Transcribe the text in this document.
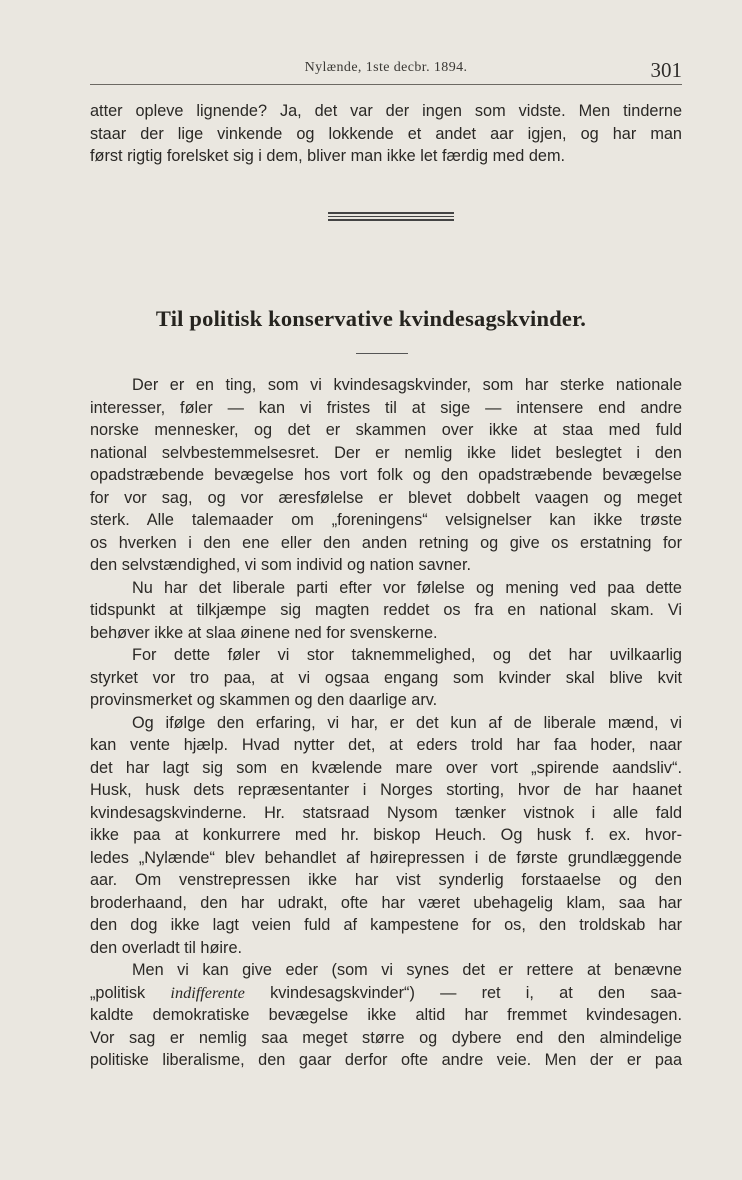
Nylænde, 1ste decbr. 1894.	301
atter opleve lignende? Ja, det var der ingen som vidste. Men tinderne
staar der lige vinkende og lokkende et andet aar igjen, og har man
først rigtig forelsket sig i dem, bliver man ikke let færdig med dem.
Til politisk konservative kvindesagskvinder.
Der er en ting, som vi kvindesagskvinder, som har sterke nationale
interesser, føler — kan vi fristes til at sige — intensere end andre
norske mennesker, og det er skammen over ikke at staa med fuld
national selvbestemmelsesret. Der er nemlig ikke lidet beslegtet i den
opadstræbende bevægelse hos vort folk og den opadstræbende bevægelse
for vor sag, og vor æresfølelse er blevet dobbelt vaagen og meget
sterk. Alle talemaader om „foreningens“ velsignelser kan ikke trøste
os hverken i den ene eller den anden retning og give os erstatning for
den selvstændighed, vi som individ og nation savner.
Nu har det liberale parti efter vor følelse og mening ved paa dette
tidspunkt at tilkjæmpe sig magten reddet os fra en national skam. Vi
behøver ikke at slaa øinene ned for svenskerne.
For dette føler vi stor taknemmelighed, og det har uvilkaarlig
styrket vor tro paa, at vi ogsaa engang som kvinder skal blive kvit
provinsmerket og skammen og den daarlige arv.
Og ifølge den erfaring, vi har, er det kun af de liberale mænd, vi
kan vente hjælp. Hvad nytter det, at eders trold har faa hoder, naar
det har lagt sig som en kvælende mare over vort „spirende aandsliv“.
Husk, husk dets repræsentanter i Norges storting, hvor de har haanet
kvindesagskvinderne. Hr. statsraad Nysom tænker vistnok i alle fald
ikke paa at konkurrere med hr. biskop Heuch. Og husk f. ex. hvor-
ledes „Nylænde“ blev behandlet af høirepressen i de første grundlæggende
aar. Om venstrepressen ikke har vist synderlig forstaaelse og den
broderhaand, den har udrakt, ofte har været ubehagelig klam, saa har
den dog ikke lagt veien fuld af kampestene for os, den troldskab har
den overladt til høire.
Men vi kan give eder (som vi synes det er rettere at benævne
„politisk indifferente kvindesagskvinder“) — ret i, at den saa-
kaldte demokratiske bevægelse ikke altid har fremmet kvindesagen.
Vor sag er nemlig saa meget større og dybere end den almindelige
politiske liberalisme, den gaar derfor ofte andre veie. Men der er paa
